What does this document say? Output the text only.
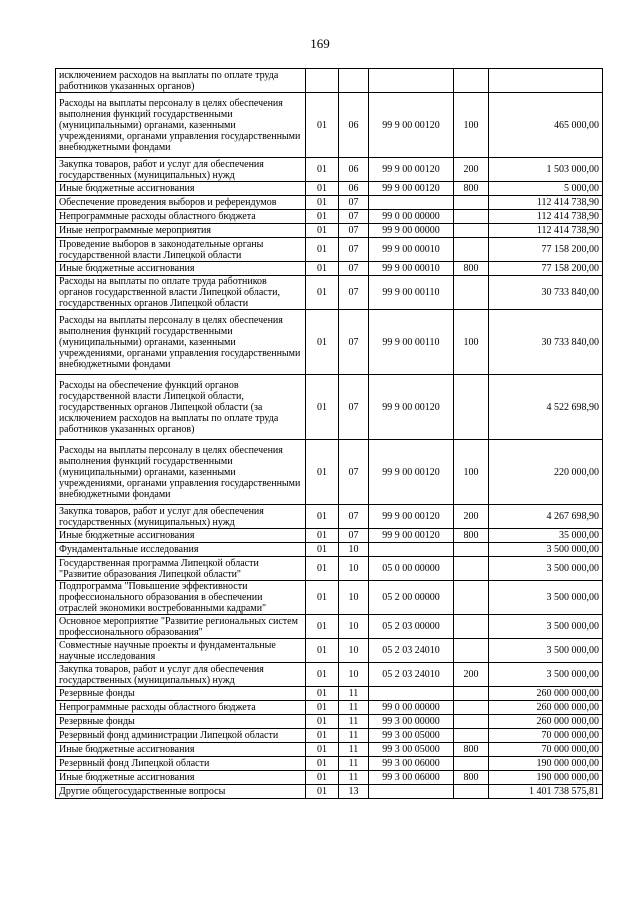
169
исключением расходов на выплаты по оплате труда работников указанных органов)					
Расходы на выплаты персоналу в целях обеспечения выполнения функций государственными (муниципальными) органами, казенными учреждениями, органами управления государственными внебюджетными фондами	01	06	99 9 00 00120	100	465 000,00
Закупка товаров, работ и услуг для обеспечения государственных (муниципальных) нужд	01	06	99 9 00 00120	200	1 503 000,00
Иные бюджетные ассигнования	01	06	99 9 00 00120	800	5 000,00
Обеспечение проведения выборов и референдумов	01	07			112 414 738,90
Непрограммные расходы областного бюджета	01	07	99 0 00 00000		112 414 738,90
Иные непрограммные мероприятия	01	07	99 9 00 00000		112 414 738,90
Проведение выборов в законодательные органы государственной власти Липецкой области	01	07	99 9 00 00010		77 158 200,00
Иные бюджетные ассигнования	01	07	99 9 00 00010	800	77 158 200,00
Расходы на выплаты по оплате труда работников органов государственной власти Липецкой области, государственных органов Липецкой области	01	07	99 9 00 00110		30 733 840,00
Расходы на выплаты персоналу в целях обеспечения выполнения функций государственными (муниципальными) органами, казенными учреждениями, органами управления государственными внебюджетными фондами	01	07	99 9 00 00110	100	30 733 840,00
Расходы на обеспечение функций органов государственной власти Липецкой области, государственных органов Липецкой области (за исключением расходов на выплаты по оплате труда работников указанных органов)	01	07	99 9 00 00120		4 522 698,90
Расходы на выплаты персоналу в целях обеспечения выполнения функций государственными (муниципальными) органами, казенными учреждениями, органами управления государственными внебюджетными фондами	01	07	99 9 00 00120	100	220 000,00
Закупка товаров, работ и услуг для обеспечения государственных (муниципальных) нужд	01	07	99 9 00 00120	200	4 267 698,90
Иные бюджетные ассигнования	01	07	99 9 00 00120	800	35 000,00
Фундаментальные исследования	01	10			3 500 000,00
Государственная программа Липецкой области "Развитие образования Липецкой области"	01	10	05 0 00 00000		3 500 000,00
Подпрограмма "Повышение эффективности профессионального образования в обеспечении отраслей экономики востребованными кадрами"	01	10	05 2 00 00000		3 500 000,00
Основное мероприятие "Развитие региональных систем профессионального образования"	01	10	05 2 03 00000		3 500 000,00
Совместные научные проекты и фундаментальные научные исследования	01	10	05 2 03 24010		3 500 000,00
Закупка товаров, работ и услуг для обеспечения государственных (муниципальных) нужд	01	10	05 2 03 24010	200	3 500 000,00
Резервные фонды	01	11			260 000 000,00
Непрограммные расходы областного бюджета	01	11	99 0 00 00000		260 000 000,00
Резервные фонды	01	11	99 3 00 00000		260 000 000,00
Резервный фонд администрации Липецкой области	01	11	99 3 00 05000		70 000 000,00
Иные бюджетные ассигнования	01	11	99 3 00 05000	800	70 000 000,00
Резервный фонд Липецкой области	01	11	99 3 00 06000		190 000 000,00
Иные бюджетные ассигнования	01	11	99 3 00 06000	800	190 000 000,00
Другие общегосударственные вопросы	01	13			1 401 738 575,81
